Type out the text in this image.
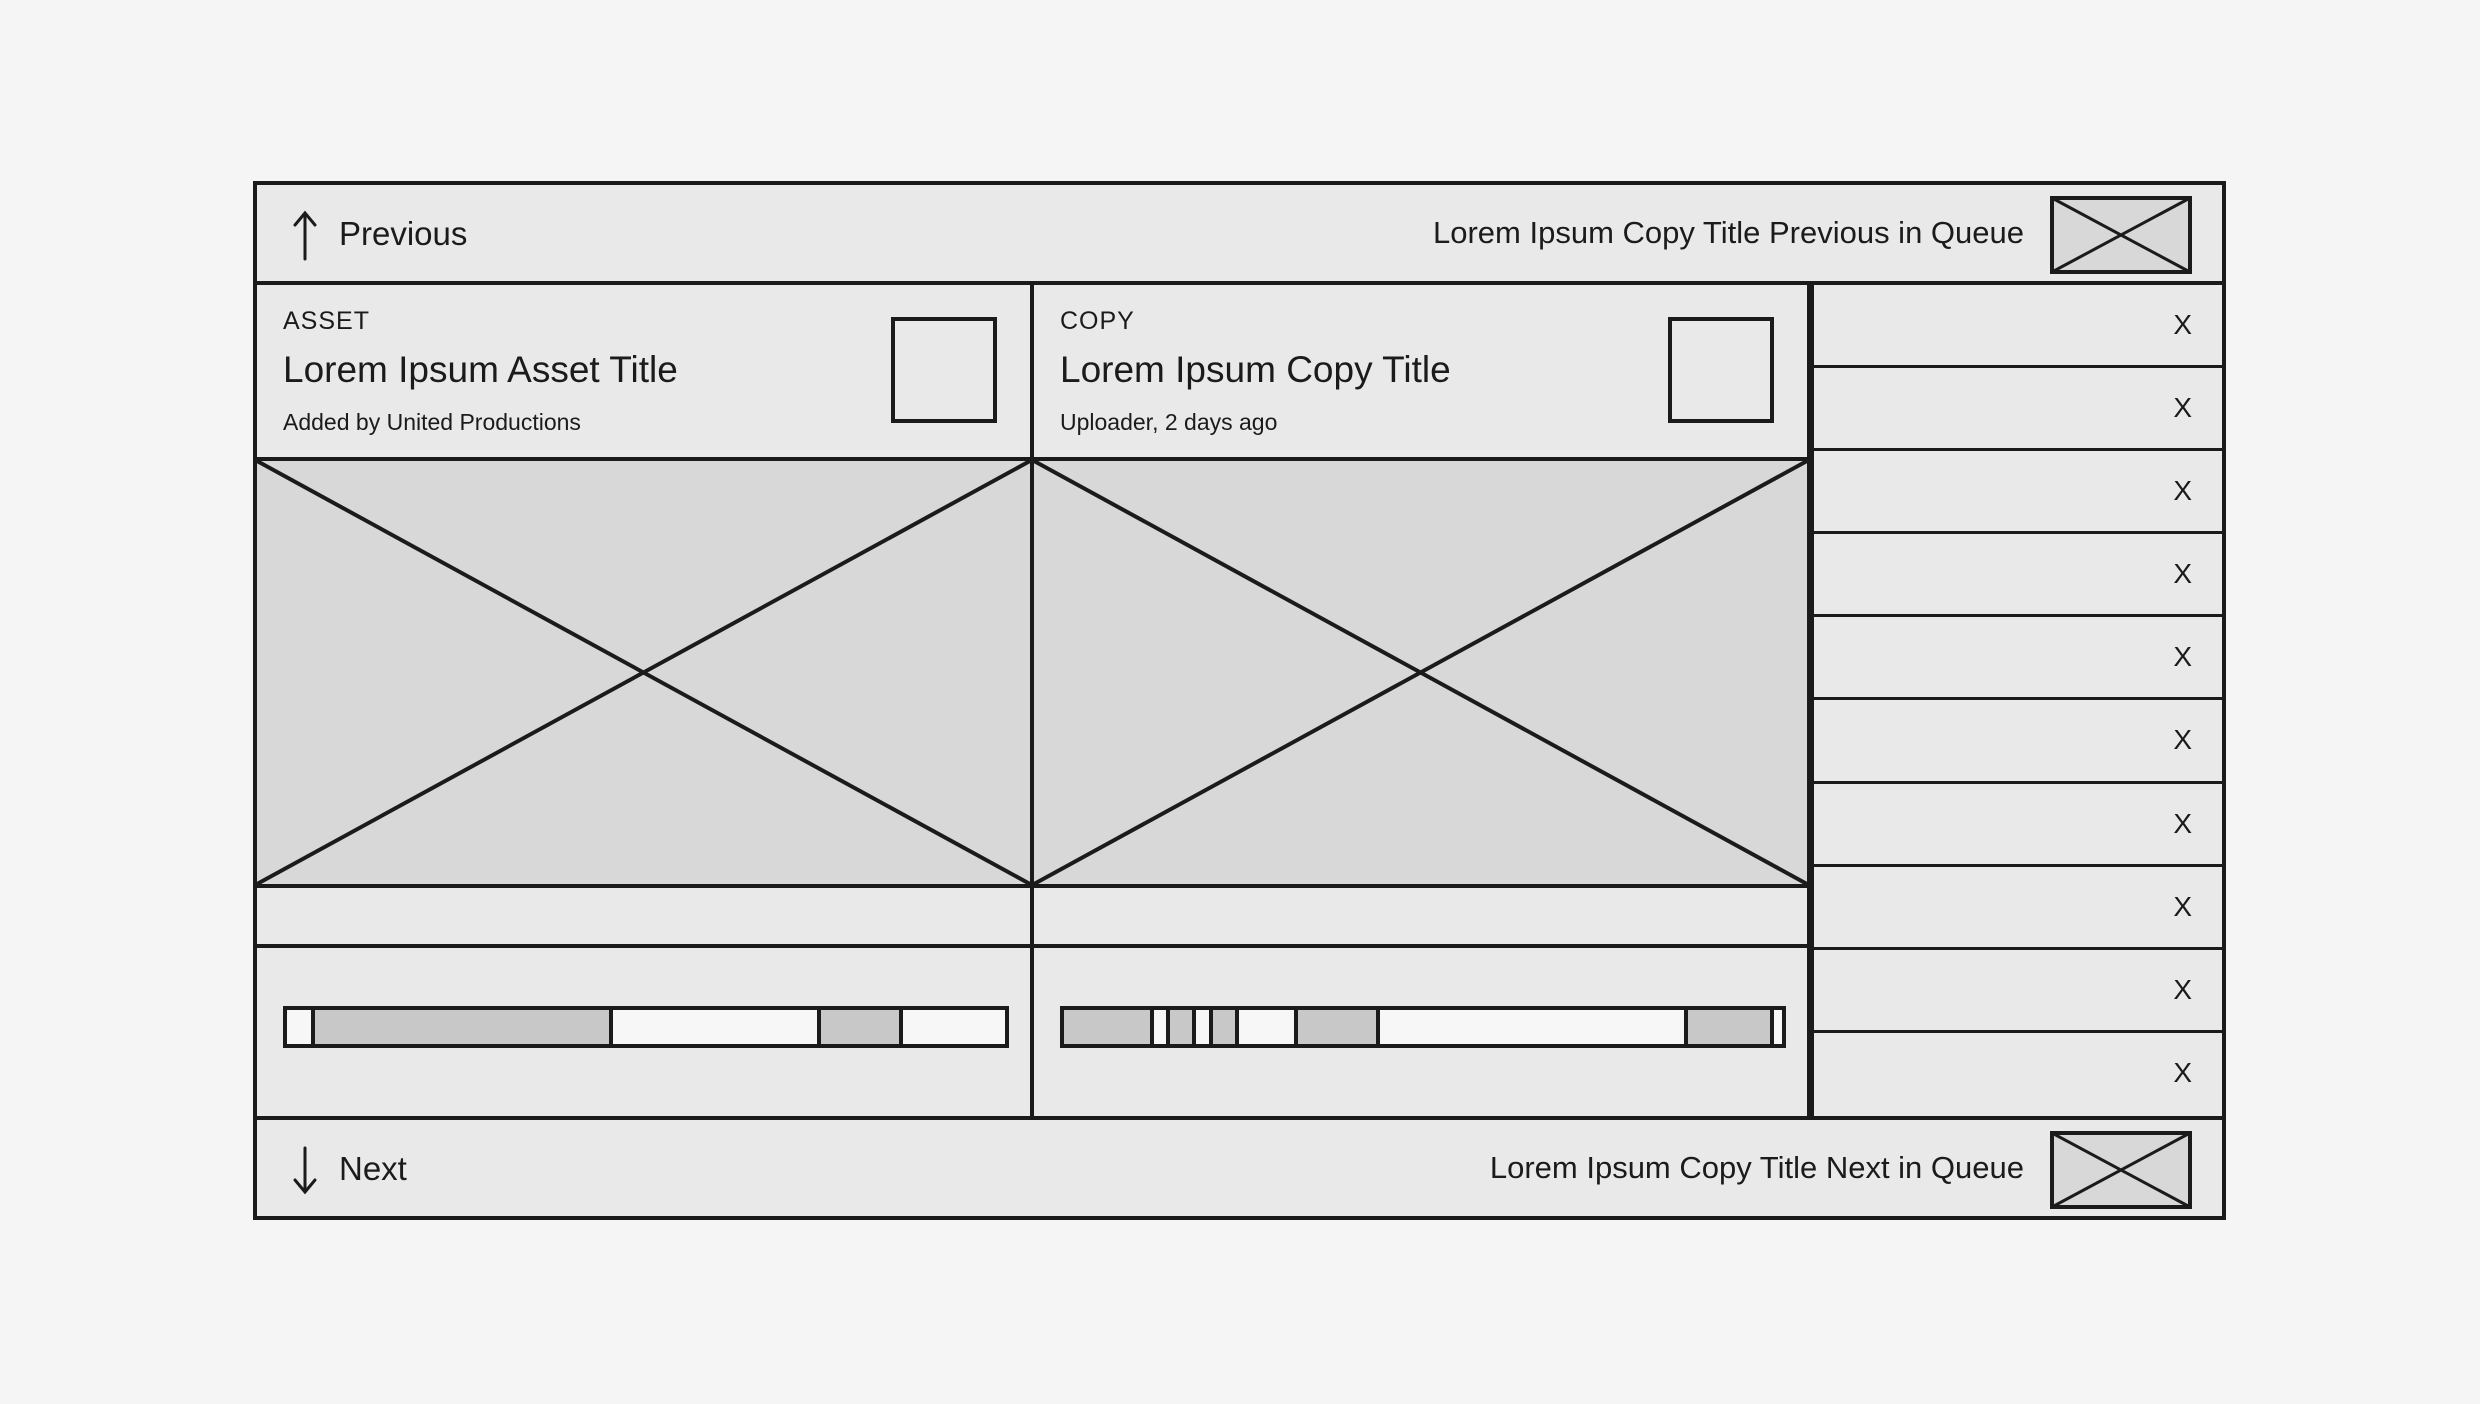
Previous	Lorem Ipsum Copy Title Previous in Queue
ASSET
Lorem Ipsum Asset Title
Added by United Productions
COPY
Lorem Ipsum Copy Title
Uploader, 2 days ago
X
X
X
X
X
X
X
X
X
X
Next	Lorem Ipsum Copy Title Next in Queue
